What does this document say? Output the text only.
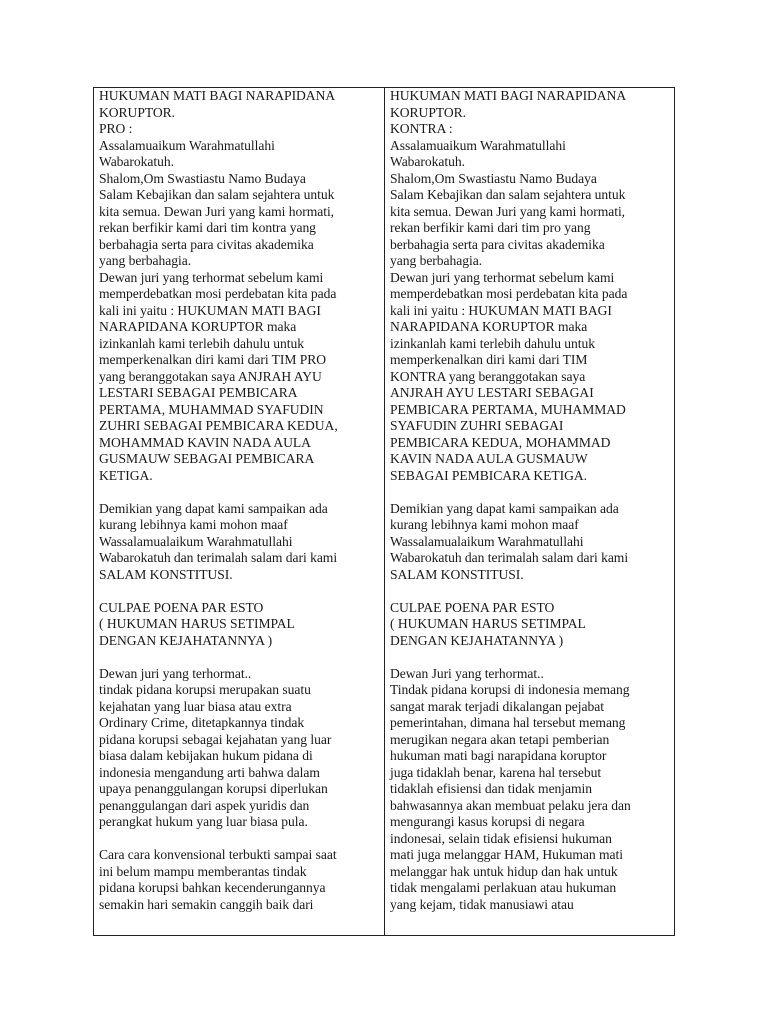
HUKUMAN MATI BAGI NARAPIDANA
KORUPTOR.
PRO :
Assalamuaikum Warahmatullahi
Wabarokatuh.
Shalom,Om Swastiastu Namo Budaya
Salam Kebajikan dan salam sejahtera untuk
kita semua. Dewan Juri yang kami hormati,
rekan berfikir kami dari tim kontra yang
berbahagia serta para civitas akademika
yang berbahagia.
Dewan juri yang terhormat sebelum kami
memperdebatkan mosi perdebatan kita pada
kali ini yaitu : HUKUMAN MATI BAGI
NARAPIDANA KORUPTOR maka
izinkanlah kami terlebih dahulu untuk
memperkenalkan diri kami dari TIM PRO
yang beranggotakan saya ANJRAH AYU
LESTARI SEBAGAI PEMBICARA
PERTAMA, MUHAMMAD SYAFUDIN
ZUHRI SEBAGAI PEMBICARA KEDUA,
MOHAMMAD KAVIN NADA AULA
GUSMAUW SEBAGAI PEMBICARA
KETIGA.
Demikian yang dapat kami sampaikan ada
kurang lebihnya kami mohon maaf
Wassalamualaikum Warahmatullahi
Wabarokatuh dan terimalah salam dari kami
SALAM KONSTITUSI.
CULPAE POENA PAR ESTO
( HUKUMAN HARUS SETIMPAL
DENGAN KEJAHATANNYA )
Dewan juri yang terhormat..
tindak pidana korupsi merupakan suatu
kejahatan yang luar biasa atau extra
Ordinary Crime, ditetapkannya tindak
pidana korupsi sebagai kejahatan yang luar
biasa dalam kebijakan hukum pidana di
indonesia mengandung arti bahwa dalam
upaya penanggulangan korupsi diperlukan
penanggulangan dari aspek yuridis dan
perangkat hukum yang luar biasa pula.
Cara cara konvensional terbukti sampai saat
ini belum mampu memberantas tindak
pidana korupsi bahkan kecenderungannya
semakin hari semakin canggih baik dari
HUKUMAN MATI BAGI NARAPIDANA
KORUPTOR.
KONTRA :
Assalamuaikum Warahmatullahi
Wabarokatuh.
Shalom,Om Swastiastu Namo Budaya
Salam Kebajikan dan salam sejahtera untuk
kita semua. Dewan Juri yang kami hormati,
rekan berfikir kami dari tim pro yang
berbahagia serta para civitas akademika
yang berbahagia.
Dewan juri yang terhormat sebelum kami
memperdebatkan mosi perdebatan kita pada
kali ini yaitu : HUKUMAN MATI BAGI
NARAPIDANA KORUPTOR maka
izinkanlah kami terlebih dahulu untuk
memperkenalkan diri kami dari TIM
KONTRA yang beranggotakan saya
ANJRAH AYU LESTARI SEBAGAI
PEMBICARA PERTAMA, MUHAMMAD
SYAFUDIN ZUHRI SEBAGAI
PEMBICARA KEDUA, MOHAMMAD
KAVIN NADA AULA GUSMAUW
SEBAGAI PEMBICARA KETIGA.
Demikian yang dapat kami sampaikan ada
kurang lebihnya kami mohon maaf
Wassalamualaikum Warahmatullahi
Wabarokatuh dan terimalah salam dari kami
SALAM KONSTITUSI.
CULPAE POENA PAR ESTO
( HUKUMAN HARUS SETIMPAL
DENGAN KEJAHATANNYA )
Dewan Juri yang terhormat..
Tindak pidana korupsi di indonesia memang
sangat marak terjadi dikalangan pejabat
pemerintahan, dimana hal tersebut memang
merugikan negara akan tetapi pemberian
hukuman mati bagi narapidana koruptor
juga tidaklah benar, karena hal tersebut
tidaklah efisiensi dan tidak menjamin
bahwasannya akan membuat pelaku jera dan
mengurangi kasus korupsi di negara
indonesai, selain tidak efisiensi hukuman
mati juga melanggar HAM, Hukuman mati
melanggar hak untuk hidup dan hak untuk
tidak mengalami perlakuan atau hukuman
yang kejam, tidak manusiawi atau
